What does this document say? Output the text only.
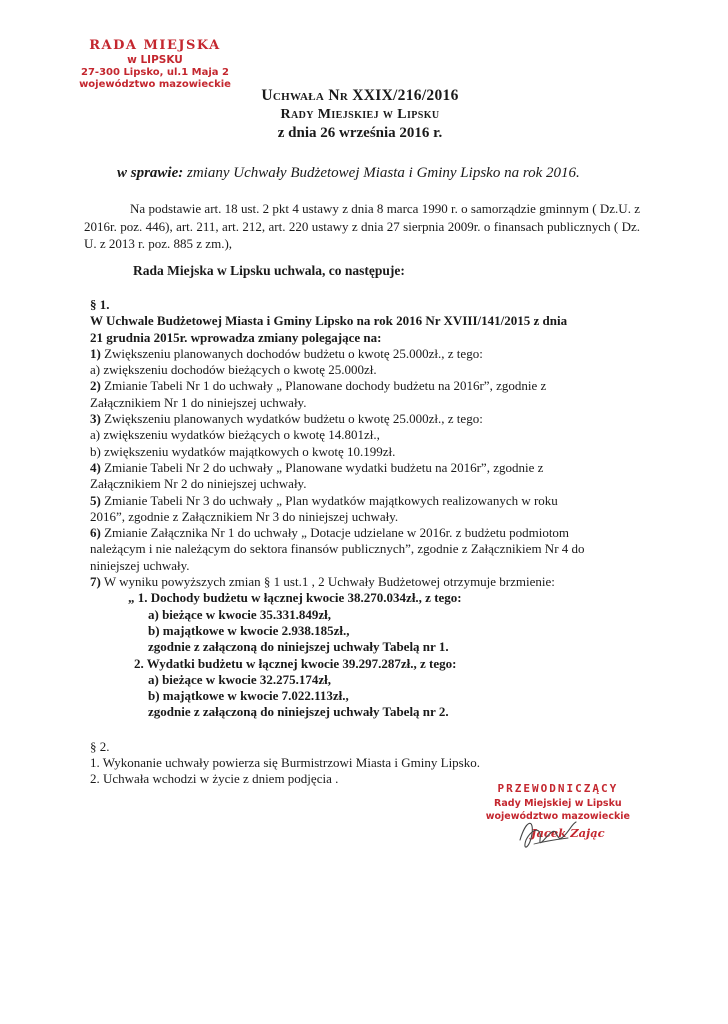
RADA MIEJSKA
w LIPSKU
27-300 Lipsko, ul.1 Maja 2
województwo mazowieckie
Uchwała Nr XXIX/216/2016
Rady Miejskiej w Lipsku
z dnia 26 września 2016 r.
w sprawie: zmiany Uchwały Budżetowej Miasta i Gminy Lipsko na rok 2016.
Na podstawie art. 18 ust. 2 pkt 4 ustawy z dnia 8 marca 1990 r. o samorządzie gminnym ( Dz.U. z 2016r. poz. 446), art. 211, art. 212, art. 220 ustawy z dnia 27 sierpnia 2009r. o finansach publicznych ( Dz. U. z 2013 r. poz. 885 z zm.),
Rada Miejska w Lipsku uchwala, co następuje:
§ 1.
W Uchwale Budżetowej Miasta i Gminy Lipsko na rok 2016 Nr XVIII/141/2015 z dnia
21 grudnia 2015r. wprowadza zmiany polegające na:
1) Zwiększeniu planowanych dochodów budżetu o kwotę 25.000zł., z tego:
a) zwiększeniu dochodów bieżących o kwotę 25.000zł.
2) Zmianie Tabeli Nr 1 do uchwały „ Planowane dochody budżetu na 2016r”, zgodnie z
Załącznikiem Nr 1 do niniejszej uchwały.
3) Zwiększeniu planowanych wydatków budżetu o kwotę 25.000zł., z tego:
a) zwiększeniu wydatków bieżących o kwotę 14.801zł.,
b) zwiększeniu wydatków majątkowych o kwotę 10.199zł.
4) Zmianie Tabeli Nr 2 do uchwały „ Planowane wydatki budżetu na 2016r”, zgodnie z
Załącznikiem Nr 2 do niniejszej uchwały.
5) Zmianie Tabeli Nr 3 do uchwały „ Plan wydatków majątkowych realizowanych w roku
2016”, zgodnie z Załącznikiem Nr 3 do niniejszej uchwały.
6) Zmianie Załącznika Nr 1 do uchwały „ Dotacje udzielane w 2016r. z budżetu podmiotom
należącym i nie należącym do sektora finansów publicznych”, zgodnie z Załącznikiem Nr 4 do
niniejszej uchwały.
7) W wyniku powyższych zmian § 1 ust.1 , 2 Uchwały Budżetowej otrzymuje brzmienie:
„ 1. Dochody budżetu w łącznej kwocie 38.270.034zł., z tego:
a) bieżące w kwocie 35.331.849zł,
b) majątkowe w kwocie 2.938.185zł.,
zgodnie z załączoną do niniejszej uchwały Tabelą nr 1.
2. Wydatki budżetu w łącznej kwocie 39.297.287zł., z tego:
a) bieżące w kwocie 32.275.174zł,
b) majątkowe w kwocie 7.022.113zł.,
zgodnie z załączoną do niniejszej uchwały Tabelą nr 2.
§ 2.
1. Wykonanie uchwały powierza się Burmistrzowi Miasta i Gminy Lipsko.
2. Uchwała wchodzi w życie z dniem podjęcia .
PRZEWODNICZĄCY
Rady Miejskiej w Lipsku
województwo mazowieckie
Jacek Zając
